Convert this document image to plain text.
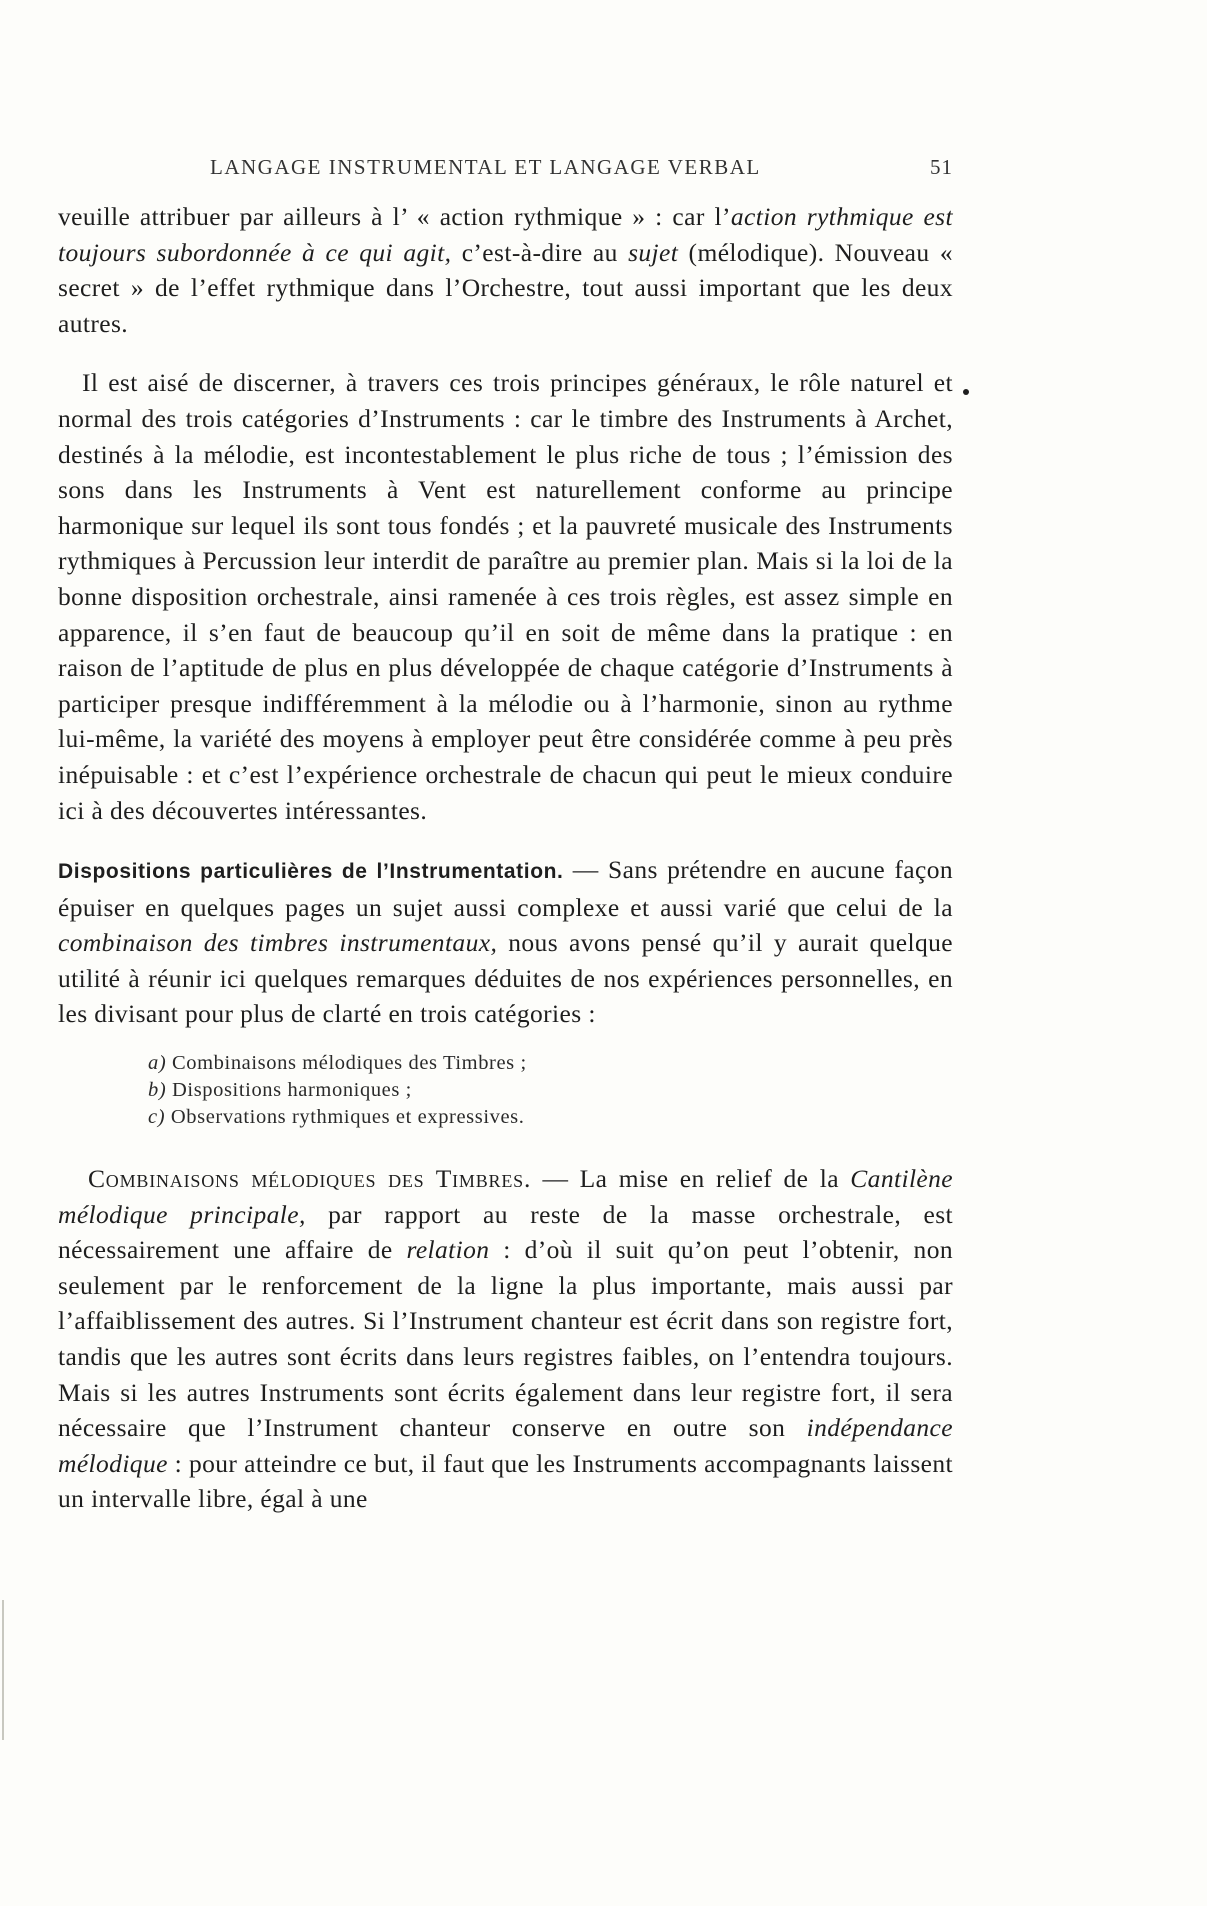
LANGAGE INSTRUMENTAL ET LANGAGE VERBAL	51

veuille attribuer par ailleurs à l’ « action rythmique » : car l’action rythmique est toujours subordonnée à ce qui agit, c’est-à-dire au sujet (mélodique). Nouveau « secret » de l’effet rythmique dans l’Orchestre, tout aussi important que les deux autres.

Il est aisé de discerner, à travers ces trois principes généraux, le rôle naturel et normal des trois catégories d’Instruments : car le timbre des Instruments à Archet, destinés à la mélodie, est incontestablement le plus riche de tous ; l’émission des sons dans les Instruments à Vent est naturellement conforme au principe harmonique sur lequel ils sont tous fondés ; et la pauvreté musicale des Instruments rythmiques à Percussion leur interdit de paraître au premier plan. Mais si la loi de la bonne disposition orchestrale, ainsi ramenée à ces trois règles, est assez simple en apparence, il s’en faut de beaucoup qu’il en soit de même dans la pratique : en raison de l’aptitude de plus en plus développée de chaque catégorie d’Instruments à participer presque indifféremment à la mélodie ou à l’harmonie, sinon au rythme lui-même, la variété des moyens à employer peut être considérée comme à peu près inépuisable : et c’est l’expérience orchestrale de chacun qui peut le mieux conduire ici à des découvertes intéressantes.

Dispositions particulières de l’Instrumentation. — Sans prétendre en aucune façon épuiser en quelques pages un sujet aussi complexe et aussi varié que celui de la combinaison des timbres instrumentaux, nous avons pensé qu’il y aurait quelque utilité à réunir ici quelques remarques déduites de nos expériences personnelles, en les divisant pour plus de clarté en trois catégories :

a) Combinaisons mélodiques des Timbres ;
b) Dispositions harmoniques ;
c) Observations rythmiques et expressives.

Combinaisons mélodiques des Timbres. — La mise en relief de la Cantilène mélodique principale, par rapport au reste de la masse orchestrale, est nécessairement une affaire de relation : d’où il suit qu’on peut l’obtenir, non seulement par le renforcement de la ligne la plus importante, mais aussi par l’affaiblissement des autres. Si l’Instrument chanteur est écrit dans son registre fort, tandis que les autres sont écrits dans leurs registres faibles, on l’entendra toujours. Mais si les autres Instruments sont écrits également dans leur registre fort, il sera nécessaire que l’Instrument chanteur conserve en outre son indépendance mélodique : pour atteindre ce but, il faut que les Instruments accompagnants laissent un intervalle libre, égal à une
